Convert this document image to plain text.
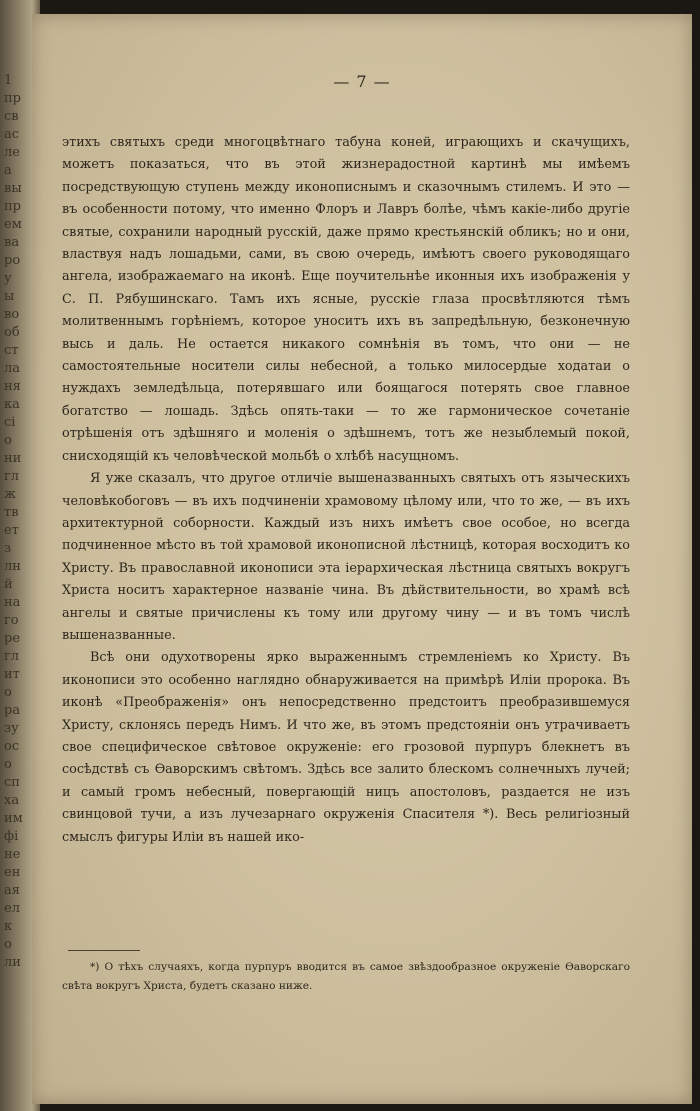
1
пр
св
ас
ле
а
вы
пр
ем
ва
ро
у
ы
во
об
ст
ла
ня
ка
сi
о
ни
гл
ж
тв
ет
з
лн
й
на
го
ре
гл
ит
о
ра
зу
ос
о
сп
ха
им
фі
не
ен
ая
ел
к
о
ли
— 7 —

этихъ святыхъ среди многоцвѣтнаго табуна коней, играющихъ и скачущихъ, можетъ показаться, что въ этой жизнерадостной картинѣ мы имѣемъ посредствующую ступень между иконописнымъ и сказочнымъ стилемъ. И это — въ особенности потому, что именно Флоръ и Лавръ болѣе, чѣмъ какіе-либо другіе святые, сохранили народный русскій, даже прямо крестьянскій обликъ; но и они, властвуя надъ лошадьми, сами, въ свою очередь, имѣютъ своего руководящаго ангела, изображаемаго на иконѣ. Еще поучительнѣе иконныя ихъ изображенія у С. П. Рябушинскаго. Тамъ ихъ ясные, русскіе глаза просвѣтляются тѣмъ молитвеннымъ горѣніемъ, которое уноситъ ихъ въ запредѣльную, безконечную высь и даль. Не остается никакого сомнѣнія въ томъ, что они — не самостоятельные носители силы небесной, а только милосердые ходатаи о нуждахъ земледѣльца, потерявшаго или боящагося потерять свое главное богатство — лошадь. Здѣсь опять-таки — то же гармоническое сочетаніе отрѣшенія отъ здѣшняго и моленія о здѣшнемъ, тотъ же незыблемый покой, снисходящій къ человѣческой мольбѣ о хлѣбѣ насущномъ.

Я уже сказалъ, что другое отличіе вышеназванныхъ святыхъ отъ языческихъ человѣкобоговъ — въ ихъ подчиненіи храмовому цѣлому или, что то же, — въ ихъ архитектурной соборности. Каждый изъ нихъ имѣетъ свое особое, но всегда подчиненное мѣсто въ той храмовой иконописной лѣстницѣ, которая восходитъ ко Христу. Въ православной иконописи эта іерархическая лѣстница святыхъ вокругъ Христа носитъ характерное названіе чина. Въ дѣйствительности, во храмѣ всѣ ангелы и святые причислены къ тому или другому чину — и въ томъ числѣ вышеназванные.

Всѣ они одухотворены ярко выраженнымъ стремленіемъ ко Христу. Въ иконописи это особенно наглядно обнаруживается на примѣрѣ Иліи пророка. Въ иконѣ «Преображенія» онъ непосредственно предстоитъ преобразившемуся Христу, склонясь передъ Нимъ. И что же, въ этомъ предстояніи онъ утрачиваетъ свое специфическое свѣтовое окруженіе: его грозовой пурпуръ блекнетъ въ сосѣдствѣ съ Ѳаворскимъ свѣтомъ. Здѣсь все залито блескомъ солнечныхъ лучей; и самый громъ небесный, повергающій ницъ апостоловъ, раздается не изъ свинцовой тучи, а изъ лучезарнаго окруженія Спасителя *). Весь религіозный смыслъ фигуры Иліи въ нашей ико-

*) О тѣхъ случаяхъ, когда пурпуръ вводится въ самое звѣздообразное окруженіе Ѳаворскаго свѣта вокругъ Христа, будетъ сказано ниже.
